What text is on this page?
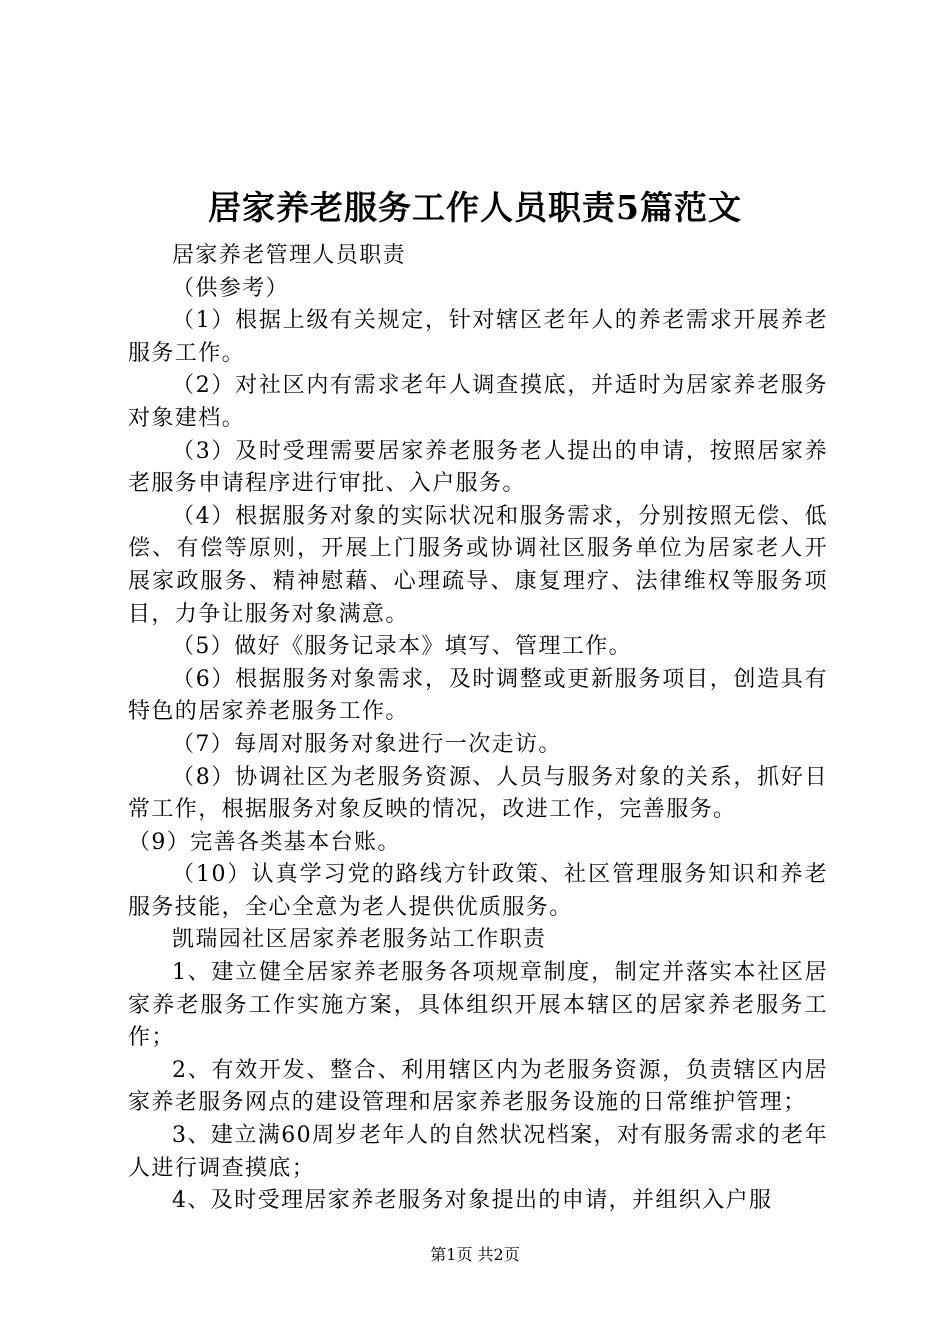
居家养老服务工作人员职责5篇范文

居家养老管理人员职责

（供参考）

（1）根据上级有关规定，针对辖区老年人的养老需求开展养老服务工作。

（2）对社区内有需求老年人调查摸底，并适时为居家养老服务对象建档。

（3）及时受理需要居家养老服务老人提出的申请，按照居家养老服务申请程序进行审批、入户服务。

（4）根据服务对象的实际状况和服务需求，分别按照无偿、低偿、有偿等原则，开展上门服务或协调社区服务单位为居家老人开展家政服务、精神慰藉、心理疏导、康复理疗、法律维权等服务项目，力争让服务对象满意。

（5）做好《服务记录本》填写、管理工作。

（6）根据服务对象需求，及时调整或更新服务项目，创造具有特色的居家养老服务工作。

（7）每周对服务对象进行一次走访。

（8）协调社区为老服务资源、人员与服务对象的关系，抓好日常工作，根据服务对象反映的情况，改进工作，完善服务。

（9）完善各类基本台账。

（10）认真学习党的路线方针政策、社区管理服务知识和养老服务技能，全心全意为老人提供优质服务。

凯瑞园社区居家养老服务站工作职责

1、建立健全居家养老服务各项规章制度，制定并落实本社区居家养老服务工作实施方案，具体组织开展本辖区的居家养老服务工作；

2、有效开发、整合、利用辖区内为老服务资源，负责辖区内居家养老服务网点的建设管理和居家养老服务设施的日常维护管理；

3、建立满60周岁老年人的自然状况档案，对有服务需求的老年人进行调查摸底；

4、及时受理居家养老服务对象提出的申请，并组织入户服

第1页 共2页
